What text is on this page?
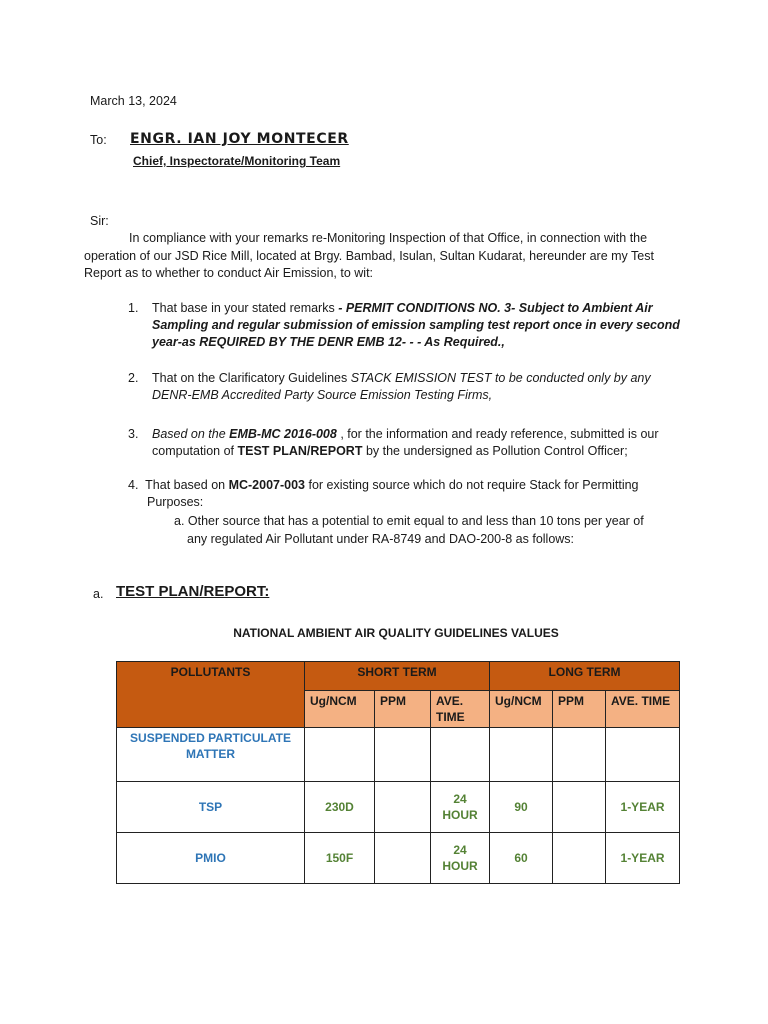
March 13, 2024
To: ENGR. IAN JOY MONTECER
Chief, Inspectorate/Monitoring Team
Sir:
In compliance with your remarks re-Monitoring Inspection of that Office, in connection with the operation of our JSD Rice Mill, located at Brgy. Bambad, Isulan, Sultan Kudarat, hereunder are my Test Report as to whether to conduct Air Emission, to wit:
1.	That base in your stated remarks - PERMIT CONDITIONS NO. 3- Subject to Ambient Air Sampling and regular submission of emission sampling test report once in every second year-as REQUIRED BY THE DENR EMB 12- - - As Required.,
2.	That on the Clarificatory Guidelines STACK EMISSION TEST to be conducted only by any DENR-EMB Accredited Party Source Emission Testing Firms,
3.	Based on the EMB-MC 2016-008 , for the information and ready reference, submitted is our computation of TEST PLAN/REPORT by the undersigned as Pollution Control Officer;
4. That based on MC-2007-003 for existing source which do not require Stack for Permitting
Purposes:
a. Other source that has a potential to emit equal to and less than 10 tons per year of
any regulated Air Pollutant under RA-8749 and DAO-200-8 as follows:
a. TEST PLAN/REPORT:
NATIONAL AMBIENT AIR QUALITY GUIDELINES VALUES
POLLUTANTS	SHORT TERM			LONG TERM		
	Ug/NCM	PPM	AVE. TIME	Ug/NCM	PPM	AVE. TIME
SUSPENDED PARTICULATE MATTER						
TSP	230D		24 HOUR	90		1-YEAR
PMIO	150F		24 HOUR	60		1-YEAR
